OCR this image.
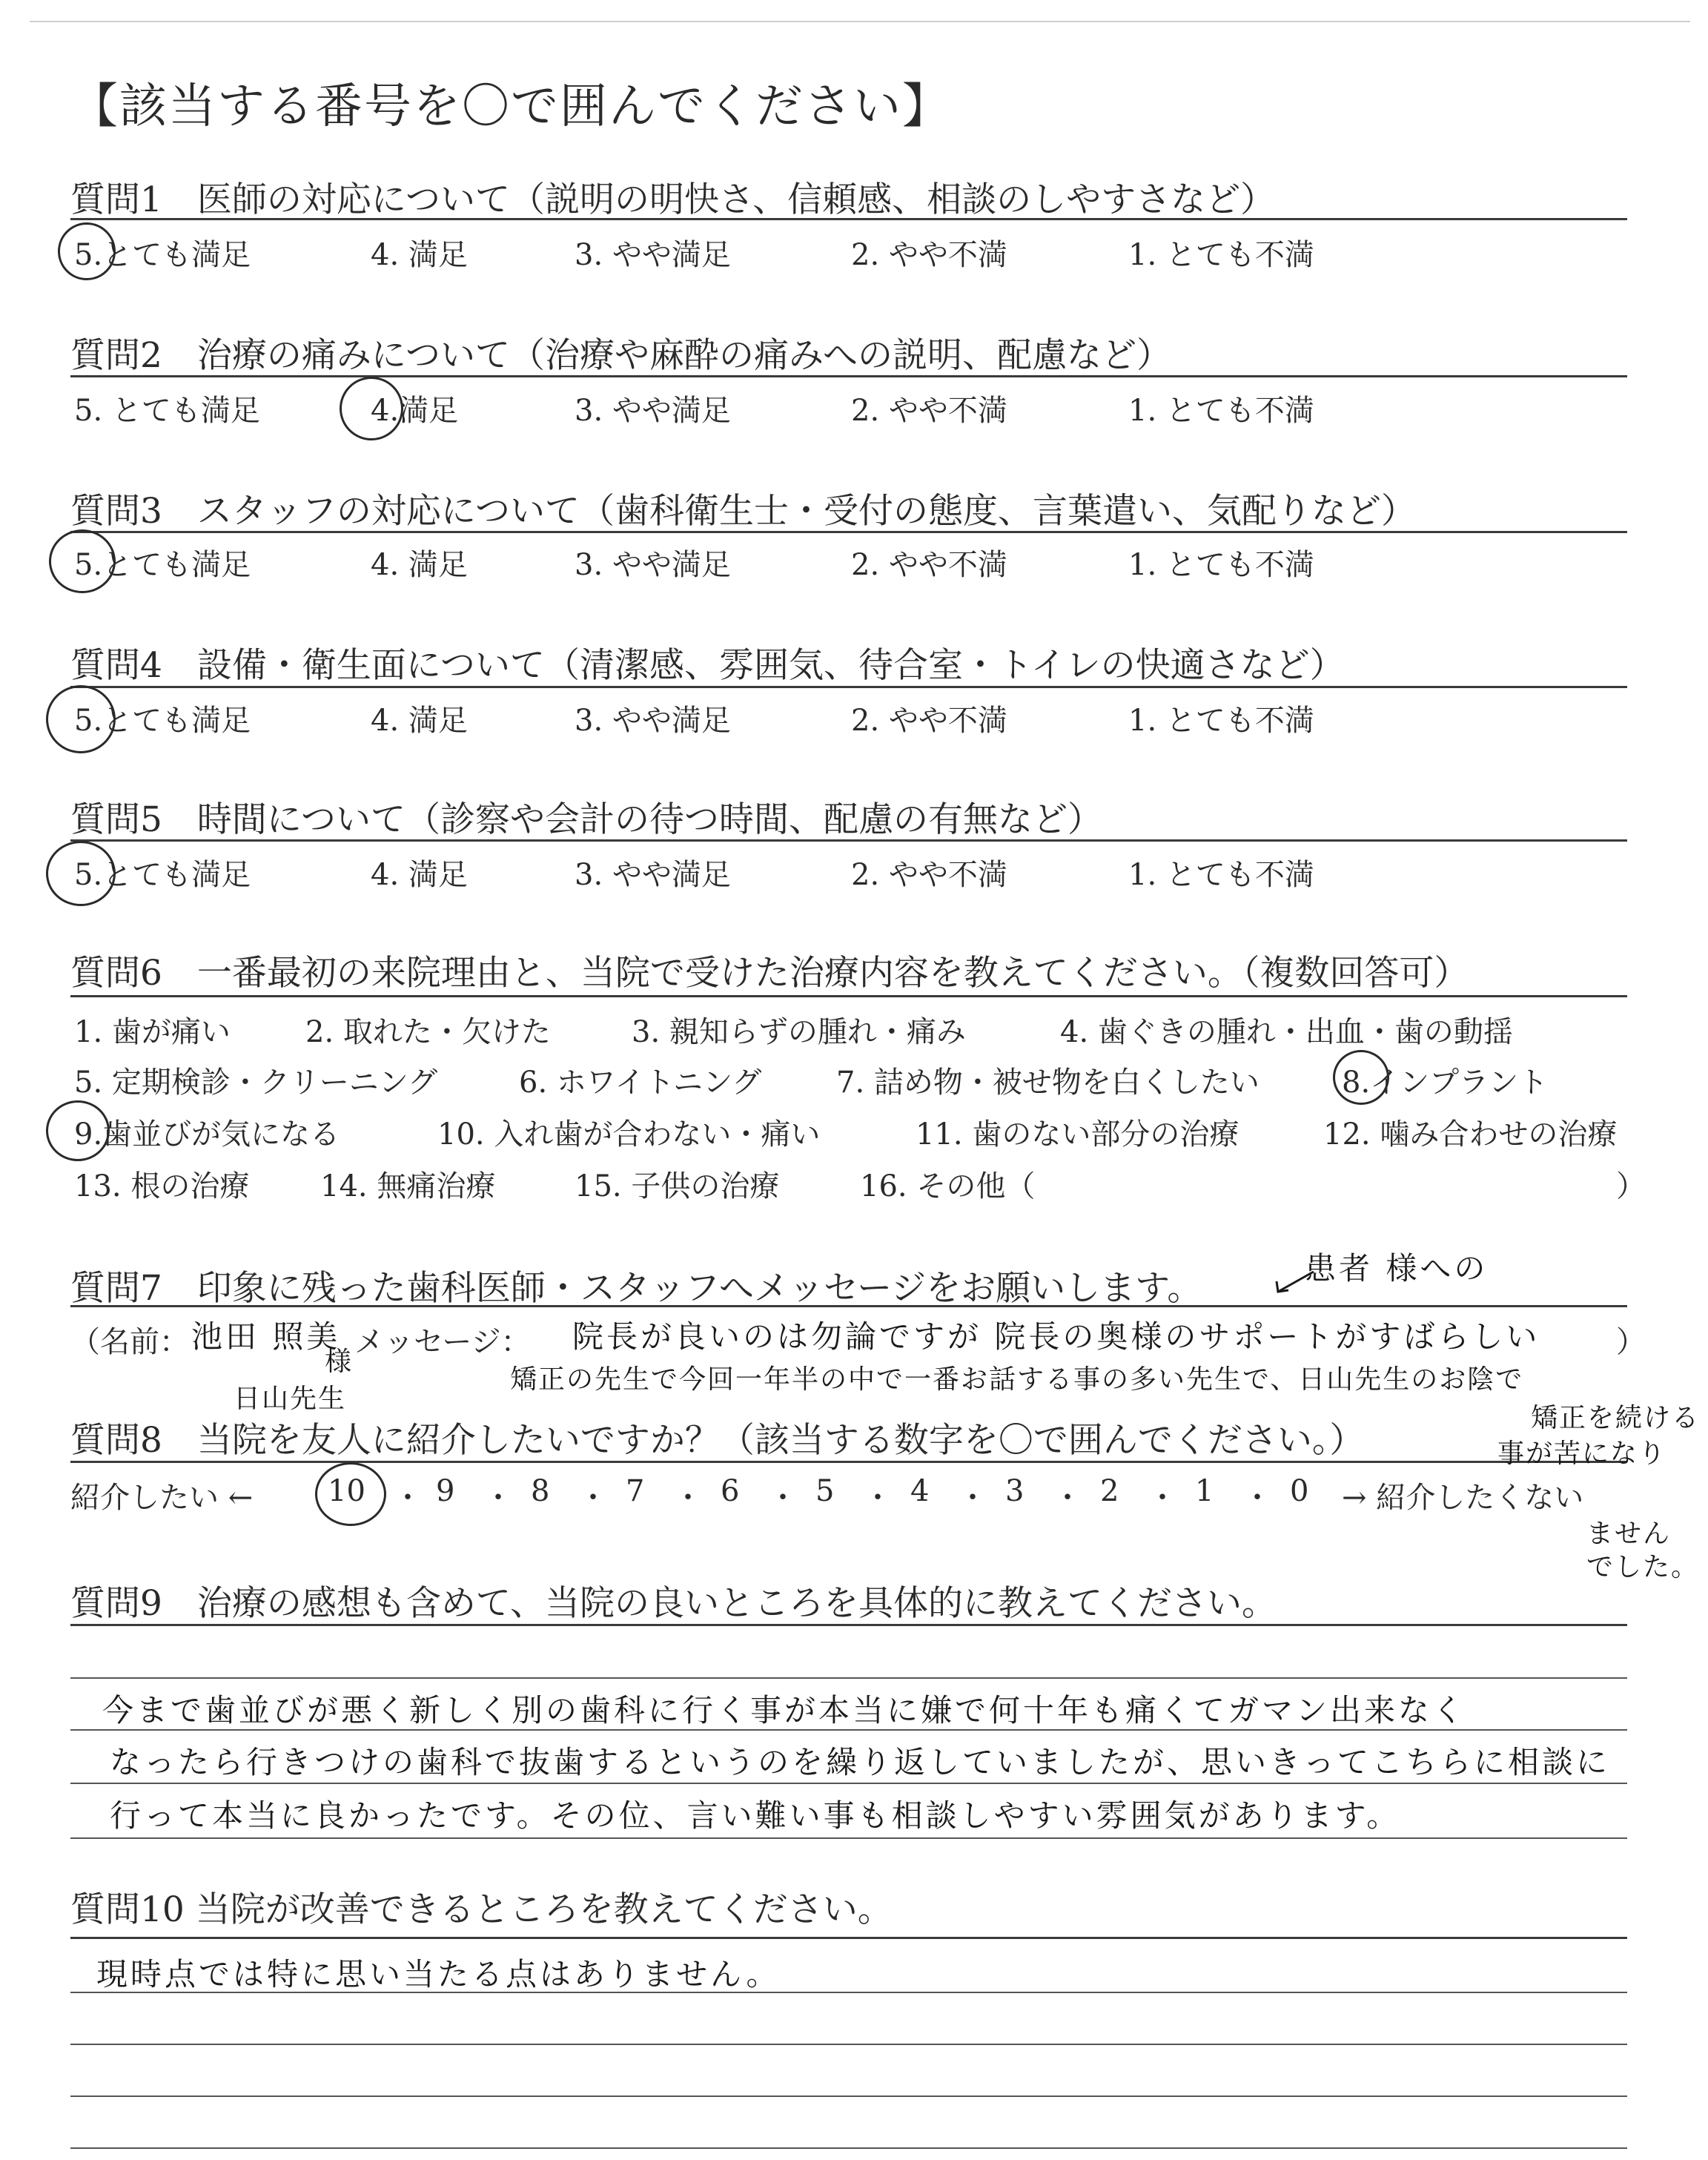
【該当する番号を〇で囲んでください】
質問1　医師の対応について（説明の明快さ、信頼感、相談のしやすさなど）
5.とても満足	4. 満足	3. やや満足	2. やや不満	1. とても不満
質問2　治療の痛みについて（治療や麻酔の痛みへの説明、配慮など）
5. とても満足	4.満足	3. やや満足	2. やや不満	1. とても不満
質問3　スタッフの対応について（歯科衛生士・受付の態度、言葉遣い、気配りなど）
5.とても満足	4. 満足	3. やや満足	2. やや不満	1. とても不満
質問4　設備・衛生面について（清潔感、雰囲気、待合室・トイレの快適さなど）
5.とても満足	4. 満足	3. やや満足	2. やや不満	1. とても不満
質問5　時間について（診察や会計の待つ時間、配慮の有無など）
5.とても満足	4. 満足	3. やや満足	2. やや不満	1. とても不満
質問6　一番最初の来院理由と、当院で受けた治療内容を教えてください。（複数回答可）
1. 歯が痛い	2. 取れた・欠けた	3. 親知らずの腫れ・痛み	4. 歯ぐきの腫れ・出血・歯の動揺
5. 定期検診・クリーニング	6. ホワイトニング	7. 詰め物・被せ物を白くしたい	8.インプラント
9.歯並びが気になる	10. 入れ歯が合わない・痛い	11. 歯のない部分の治療	12. 噛み合わせの治療
13. 根の治療 14. 無痛治療	15. 子供の治療	16. その他（	）
質問7　印象に残った歯科医師・スタッフへメッセージをお願いします。	患者 様への
（名前： 池田 照美
様
メッセージ： 院長が良いのは勿論ですが 院長の奥様のサポートがすばらしい	）
日山先生
矯正の先生で今回一年半の中で一番お話する事の多い先生で、日山先生のお陰で
質問8　当院を友人に紹介したいですか？（該当する数字を〇で囲んでください。）
紹介したい ←	10 ・ 9 ・ 8 ・ 7 ・ 6 ・ 5 ・ 4 ・ 3 ・ 2 ・ 1 ・ 0 → 紹介したくない
矯正を続ける
事が苦になり
ません
でした。
質問9　治療の感想も含めて、当院の良いところを具体的に教えてください。
今まで歯並びが悪く新しく別の歯科に行く事が本当に嫌で何十年も痛くてガマン出来なく
なったら行きつけの歯科で抜歯するというのを繰り返していましたが、思いきってこちらに相談に
行って本当に良かったです。その位、言い難い事も相談しやすい雰囲気があります。
質問10 当院が改善できるところを教えてください。
現時点では特に思い当たる点はありません。
